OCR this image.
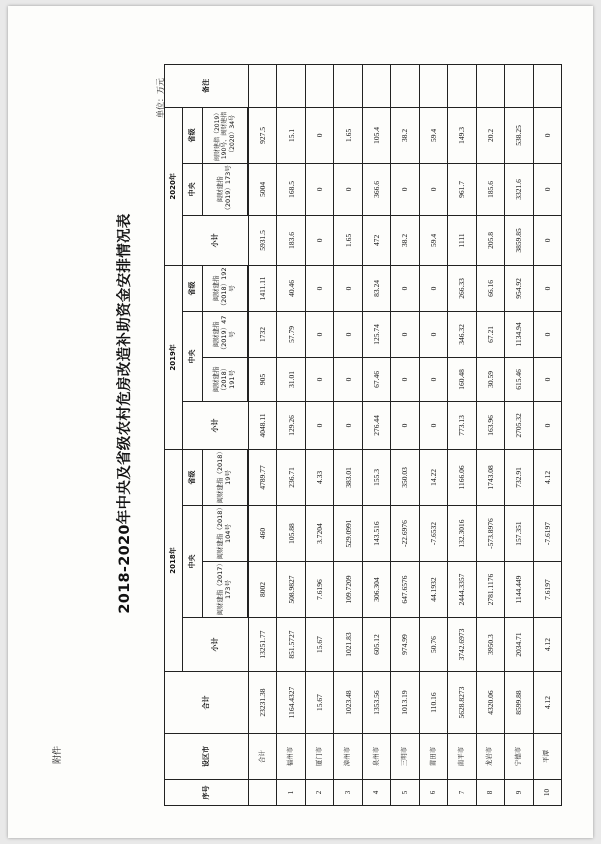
附件
2018-2020年中央及省级农村危房改造补助资金安排情况表
单位：万元
序号	设区市	合计	2018年				2019年				2020年			备注
			小计	中央		省级	小计	中央		省级	小计	中央	省级	
				闽财建指（2017）173号	闽财建指（2018）104号	闽财建指（2018）19号		闽财建指（2018）191号	闽财建指（2019）47号	闽财建指（2018）192号		闽财建指（2019）173号	闽财建指（2019）190号、闽财建指（2020）34号	

	合计	23231.38	13251.77	8002	460	4789.77	4048.11	905	1732	1411.11	5931.5	5004	927.5	
1	福州市	1164.4327	851.5727	508.9827	105.88	236.71	129.26	31.01	57.79	40.46	183.6	168.5	15.1	
2	厦门市	15.67	15.67	7.6196	3.7204	4.33	0	0	0	0	0	0	0	
3	漳州市	1023.48	1021.83	109.7209	529.0991	383.01	0	0	0	0	1.65	0	1.65	
4	泉州市	1353.56	605.12	306.304	143.516	155.3	276.44	67.46	125.74	83.24	472	366.6	105.4	
5	三明市	1013.19	974.99	647.6576	-22.6976	350.03	0	0	0	0	38.2	0	38.2	
6	莆田市	110.16	50.76	44.1932	-7.6532	14.22	0	0	0	0	59.4	0	59.4	
7	南平市	5628.8273	3742.6973	2444.3357	132.3016	1166.06	773.13	160.48	346.32	266.33	1111	961.7	149.3	
8	龙岩市	4320.06	3950.3	2781.1176	-573.8976	1743.08	163.96	30.59	67.21	66.16	205.8	185.6	20.2	
9	宁德市	8599.88	2034.71	1144.449	157.351	732.91	2705.32	615.46	1134.94	954.92	3859.85	3321.6	538.25	
10	平潭	4.12	4.12	7.6197	-7.6197	4.12	0	0	0	0	0	0	0	
